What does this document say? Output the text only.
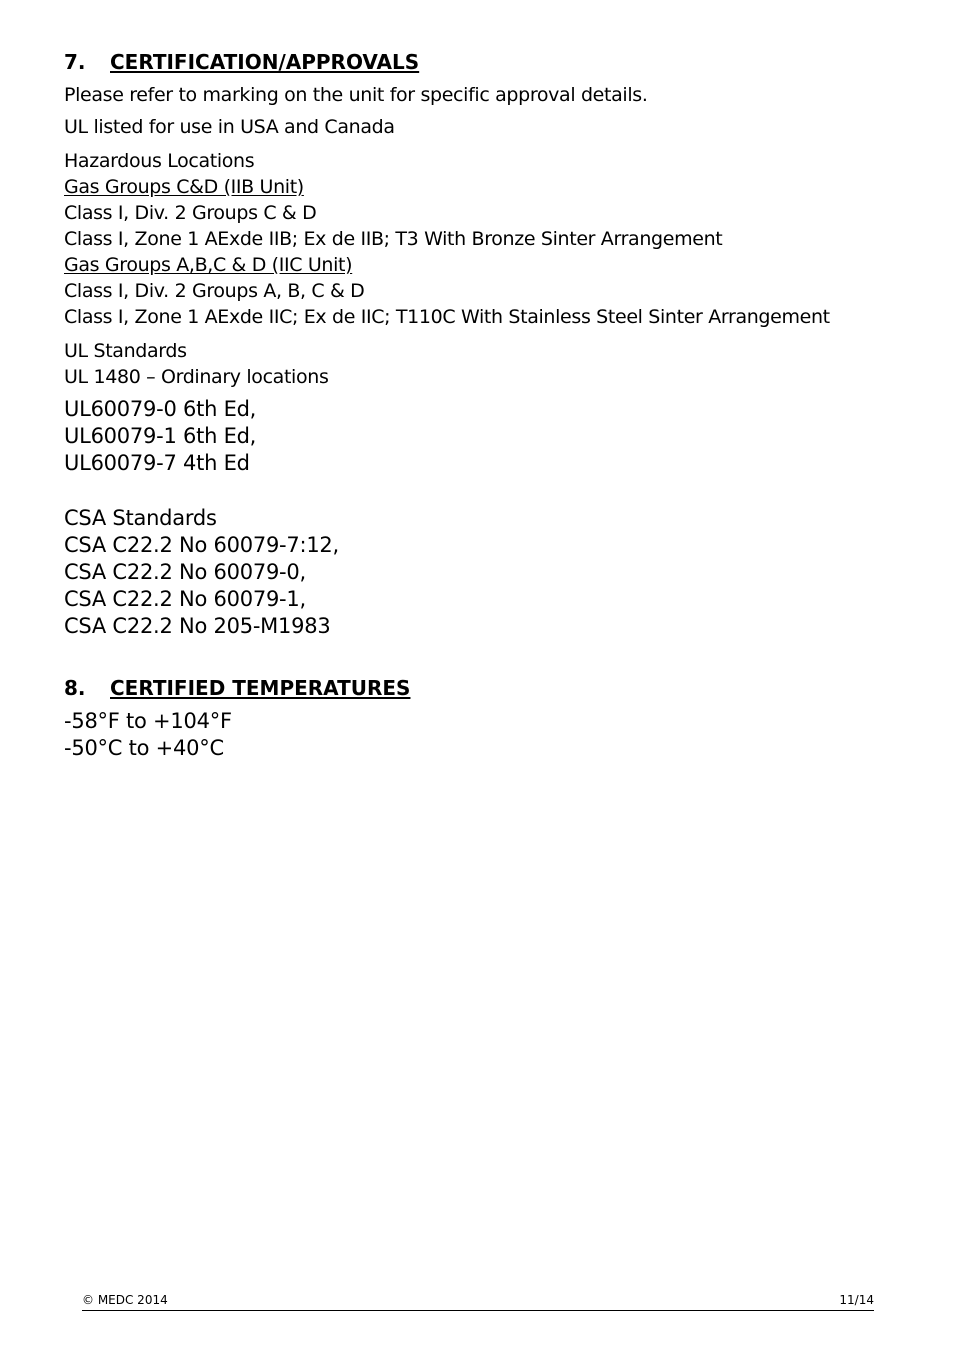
7.	CERTIFICATION/APPROVALS
Please refer to marking on the unit for specific approval details.
UL listed for use in USA and Canada
Hazardous Locations
Gas Groups C&D (IIB Unit)
Class I, Div. 2 Groups C & D
Class I, Zone 1 AExde IIB; Ex de IIB; T3 With Bronze Sinter Arrangement
Gas Groups A,B,C & D (IIC Unit)
Class I, Div. 2 Groups A, B, C & D
Class I, Zone 1 AExde IIC; Ex de IIC; T110C With Stainless Steel Sinter Arrangement
UL Standards
UL 1480 – Ordinary locations
UL60079-0 6th Ed,
UL60079-1 6th Ed,
UL60079-7 4th Ed
CSA Standards
CSA C22.2 No 60079-7:12,
CSA C22.2 No 60079-0,
CSA C22.2 No 60079-1,
CSA C22.2 No 205-M1983
8.	CERTIFIED TEMPERATURES
-58°F to +104°F
-50°C to +40°C
© MEDC 2014	11/14
